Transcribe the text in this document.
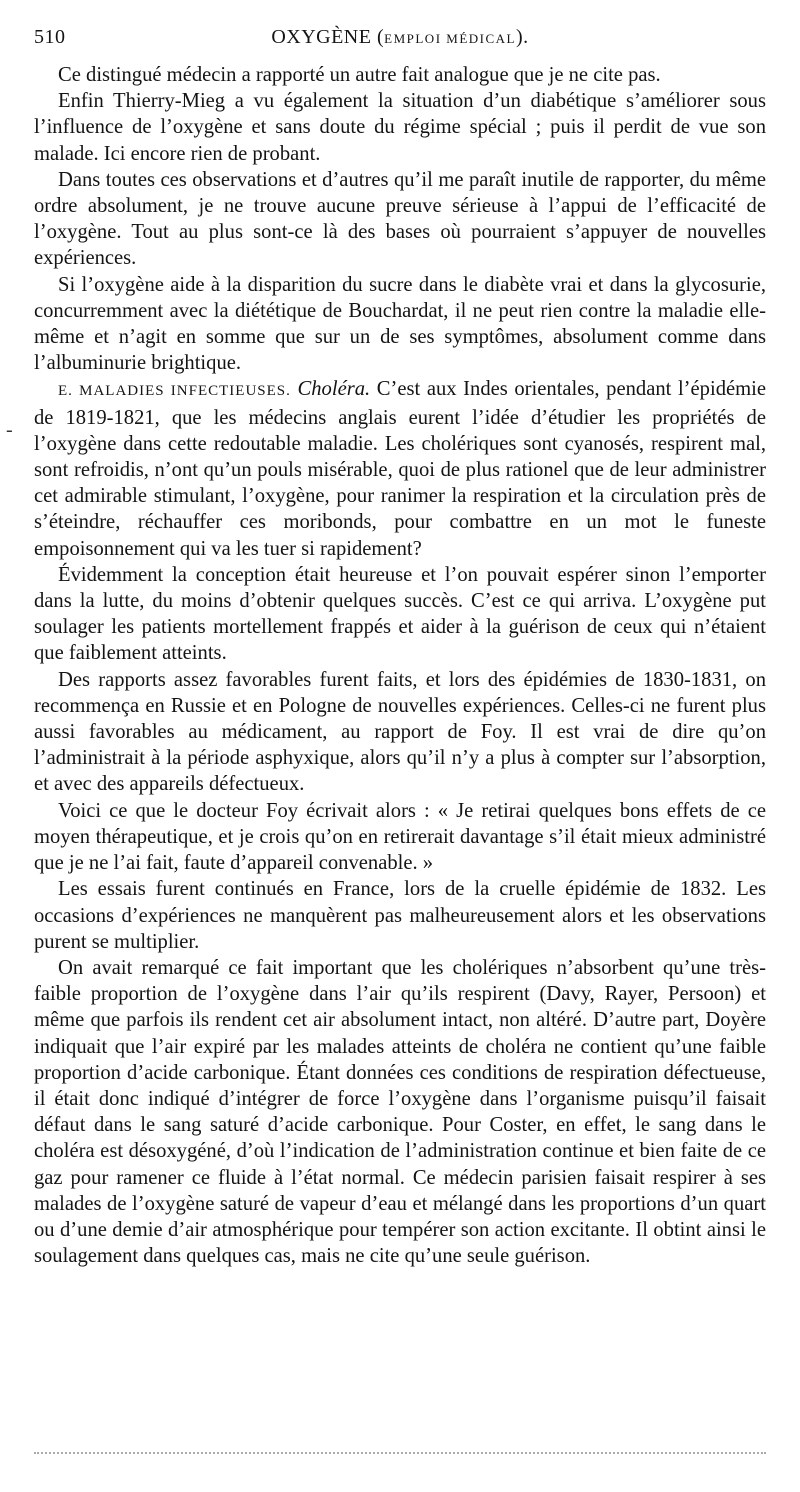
510	OXYGÈNE (EMPLOI MÉDICAL).

Ce distingué médecin a rapporté un autre fait analogue que je ne cite pas.

Enfin Thierry-Mieg a vu également la situation d’un diabétique s’améliorer sous l’influence de l’oxygène et sans doute du régime spécial ; puis il perdit de vue son malade. Ici encore rien de probant.

Dans toutes ces observations et d’autres qu’il me paraît inutile de rapporter, du même ordre absolument, je ne trouve aucune preuve sérieuse à l’appui de l’efficacité de l’oxygène. Tout au plus sont-ce là des bases où pourraient s’appuyer de nouvelles expériences.

Si l’oxygène aide à la disparition du sucre dans le diabète vrai et dans la glycosurie, concurremment avec la diététique de Bouchardat, il ne peut rien contre la maladie elle-même et n’agit en somme que sur un de ses symptômes, absolument comme dans l’albuminurie brightique.

E. MALADIES INFECTIEUSES. Choléra. C’est aux Indes orientales, pendant l’épidémie de 1819-1821, que les médecins anglais eurent l’idée d’étudier les propriétés de l’oxygène dans cette redoutable maladie. Les cholériques sont cyanosés, respirent mal, sont refroidis, n’ont qu’un pouls misérable, quoi de plus rationel que de leur administrer cet admirable stimulant, l’oxygène, pour ranimer la respiration et la circulation près de s’éteindre, réchauffer ces moribonds, pour combattre en un mot le funeste empoisonnement qui va les tuer si rapidement?

Évidemment la conception était heureuse et l’on pouvait espérer sinon l’emporter dans la lutte, du moins d’obtenir quelques succès. C’est ce qui arriva. L’oxygène put soulager les patients mortellement frappés et aider à la guérison de ceux qui n’étaient que faiblement atteints.

Des rapports assez favorables furent faits, et lors des épidémies de 1830-1831, on recommença en Russie et en Pologne de nouvelles expériences. Celles-ci ne furent plus aussi favorables au médicament, au rapport de Foy. Il est vrai de dire qu’on l’administrait à la période asphyxique, alors qu’il n’y a plus à compter sur l’absorption, et avec des appareils défectueux.

Voici ce que le docteur Foy écrivait alors : « Je retirai quelques bons effets de ce moyen thérapeutique, et je crois qu’on en retirerait davantage s’il était mieux administré que je ne l’ai fait, faute d’appareil convenable. »

Les essais furent continués en France, lors de la cruelle épidémie de 1832. Les occasions d’expériences ne manquèrent pas malheureusement alors et les observations purent se multiplier.

On avait remarqué ce fait important que les cholériques n’absorbent qu’une très-faible proportion de l’oxygène dans l’air qu’ils respirent (Davy, Rayer, Persoon) et même que parfois ils rendent cet air absolument intact, non altéré. D’autre part, Doyère indiquait que l’air expiré par les malades atteints de choléra ne contient qu’une faible proportion d’acide carbonique. Étant données ces conditions de respiration défectueuse, il était donc indiqué d’intégrer de force l’oxygène dans l’organisme puisqu’il faisait défaut dans le sang saturé d’acide carbonique. Pour Coster, en effet, le sang dans le choléra est désoxygéné, d’où l’indication de l’administration continue et bien faite de ce gaz pour ramener ce fluide à l’état normal. Ce médecin parisien faisait respirer à ses malades de l’oxygène saturé de vapeur d’eau et mélangé dans les proportions d’un quart ou d’une demie d’air atmosphérique pour tempérer son action excitante. Il obtint ainsi le soulagement dans quelques cas, mais ne cite qu’une seule guérison.

-
